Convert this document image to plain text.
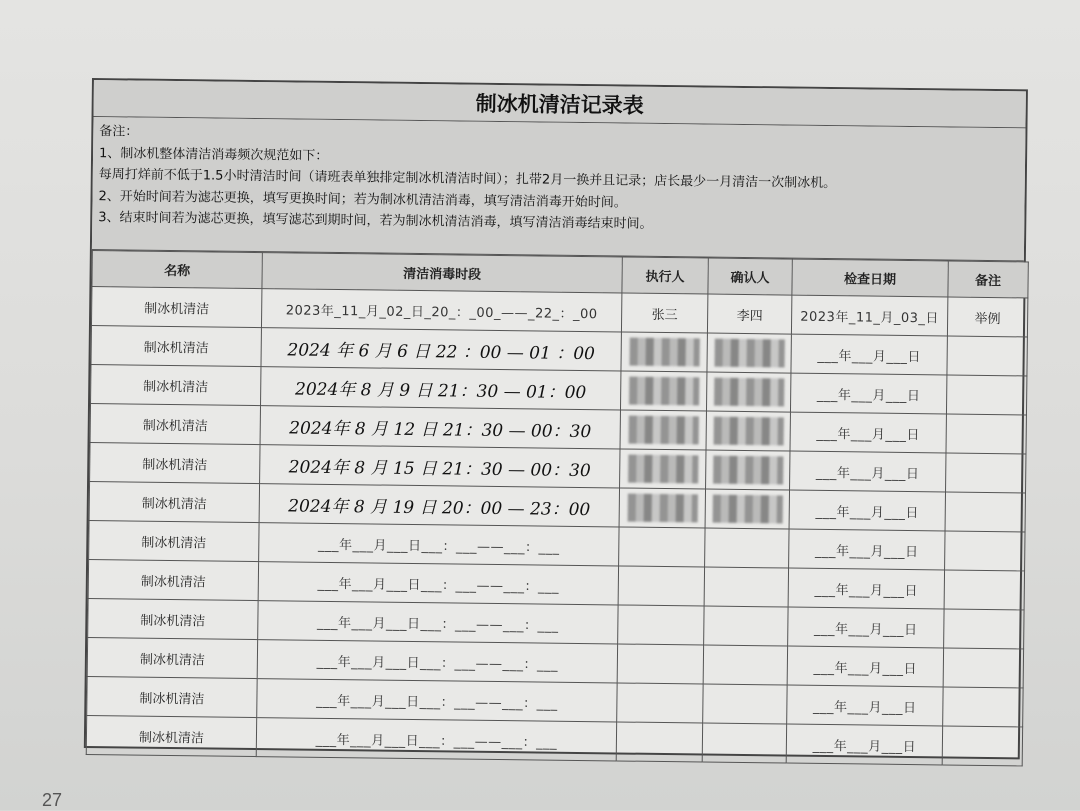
制冰机清洁记录表
备注：
1、制冰机整体清洁消毒频次规范如下：
每周打烊前不低于1.5小时清洁时间（请班表单独排定制冰机清洁时间）；扎带2月一换并且记录；店长最少一月清洁一次制冰机。
2、开始时间若为滤芯更换，填写更换时间；若为制冰机清洁消毒，填写清洁消毒开始时间。
3、结束时间若为滤芯更换，填写滤芯到期时间，若为制冰机清洁消毒，填写清洁消毒结束时间。
名称	清洁消毒时段	执行人	确认人	检查日期	备注
制冰机清洁	2023年_11_月_02_日_20_：_00_——_22_：_00	张三	李四	2023年_11_月_03_日	举例
制冰机清洁	2024 年 6 月 6 日 22 ：00 — 01 ：00			___年___月___日	
制冰机清洁	2024年 8 月 9 日 21：30 — 01：00			___年___月___日	
制冰机清洁	2024年 8 月 12 日 21：30 — 00：30			___年___月___日	
制冰机清洁	2024年 8 月 15 日 21：30 — 00：30			___年___月___日	
制冰机清洁	2024年 8 月 19 日 20：00 — 23：00			___年___月___日	
制冰机清洁	___年___月___日___：___——___：___			___年___月___日	
制冰机清洁	___年___月___日___：___——___：___			___年___月___日	
制冰机清洁	___年___月___日___：___——___：___			___年___月___日	
制冰机清洁	___年___月___日___：___——___：___			___年___月___日	
制冰机清洁	___年___月___日___：___——___：___			___年___月___日	
制冰机清洁	___年___月___日___：___——___：___			___年___月___日	
27
